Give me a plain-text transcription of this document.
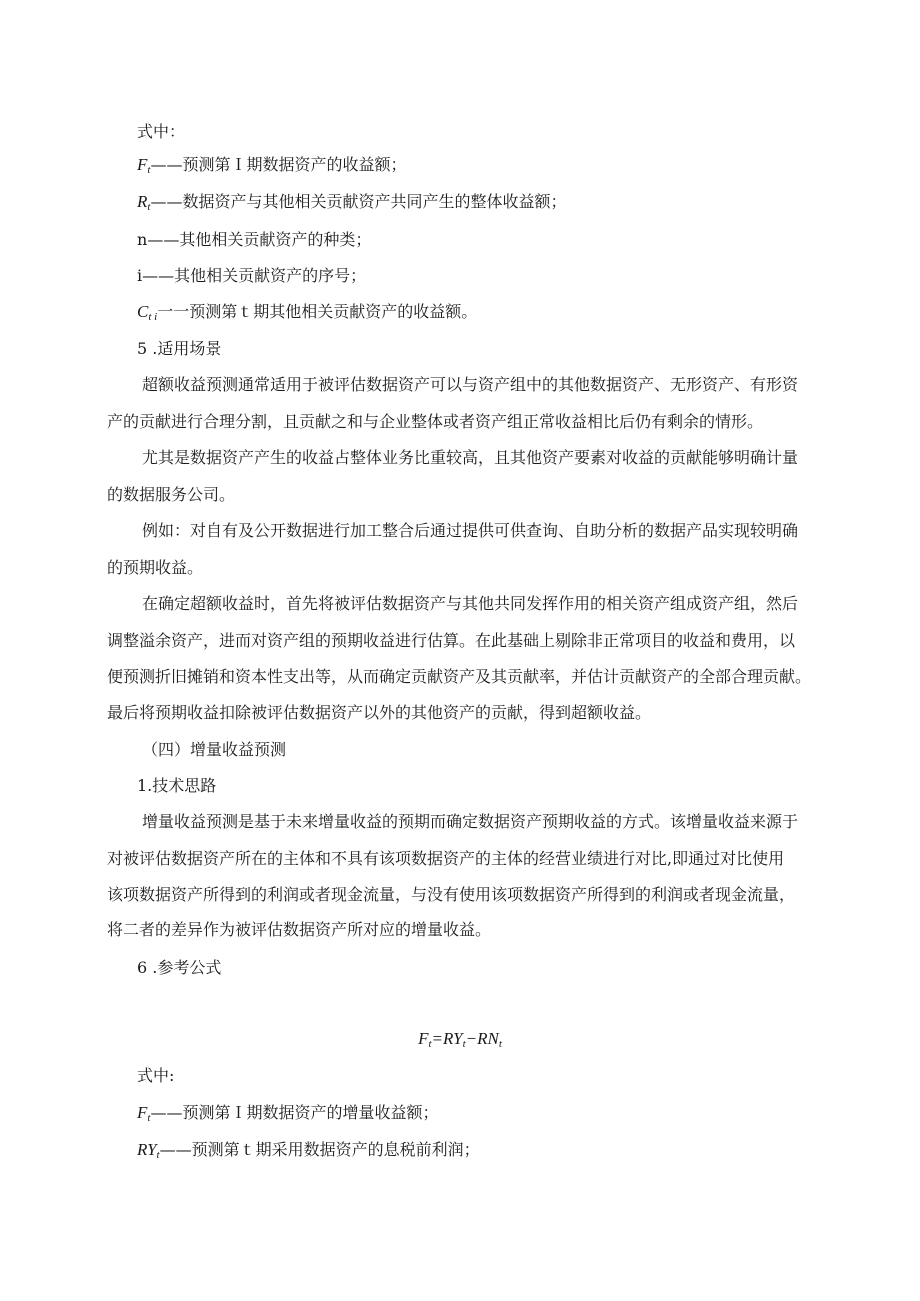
式中：
$F_t——$预测第Ｉ期数据资产的收益额；
$R_t——$数据资产与其他相关贡献资产共同产生的整体收益额；
n——其他相关贡献资产的种类；
i——其他相关贡献资产的序号；
$C_{t i}$一一预测第ｔ期其他相关贡献资产的收益额。
5 .适用场景
超额收益预测通常适用于被评估数据资产可以与资产组中的其他数据资产、无形资产、有形资
产的贡献进行合理分割，且贡献之和与企业整体或者资产组正常收益相比后仍有剩余的情形。
尤其是数据资产产生的收益占整体业务比重较高，且其他资产要素对收益的贡献能够明确计量
的数据服务公司。
例如：对自有及公开数据进行加工整合后通过提供可供查询、自助分析的数据产品实现较明确
的预期收益。
在确定超额收益时，首先将被评估数据资产与其他共同发挥作用的相关资产组成资产组，然后
调整溢余资产，进而对资产组的预期收益进行估算。在此基础上剔除非正常项目的收益和费用，以
便预测折旧摊销和资本性支出等，从而确定贡献资产及其贡献率，并估计贡献资产的全部合理贡献。
最后将预期收益扣除被评估数据资产以外的其他资产的贡献，得到超额收益。
（四）增量收益预测
1.技术思路
增量收益预测是基于未来增量收益的预期而确定数据资产预期收益的方式。该增量收益来源于
对被评估数据资产所在的主体和不具有该项数据资产的主体的经营业绩进行对比,即通过对比使用
该项数据资产所得到的利润或者现金流量，与没有使用该项数据资产所得到的利润或者现金流量，
将二者的差异作为被评估数据资产所对应的增量收益。
6 .参考公式
$F_t=RY_t-RN_t$
式中:
$F_t——$预测第Ｉ期数据资产的增量收益额；
$RY_t——$预测第ｔ期采用数据资产的息税前利润；
